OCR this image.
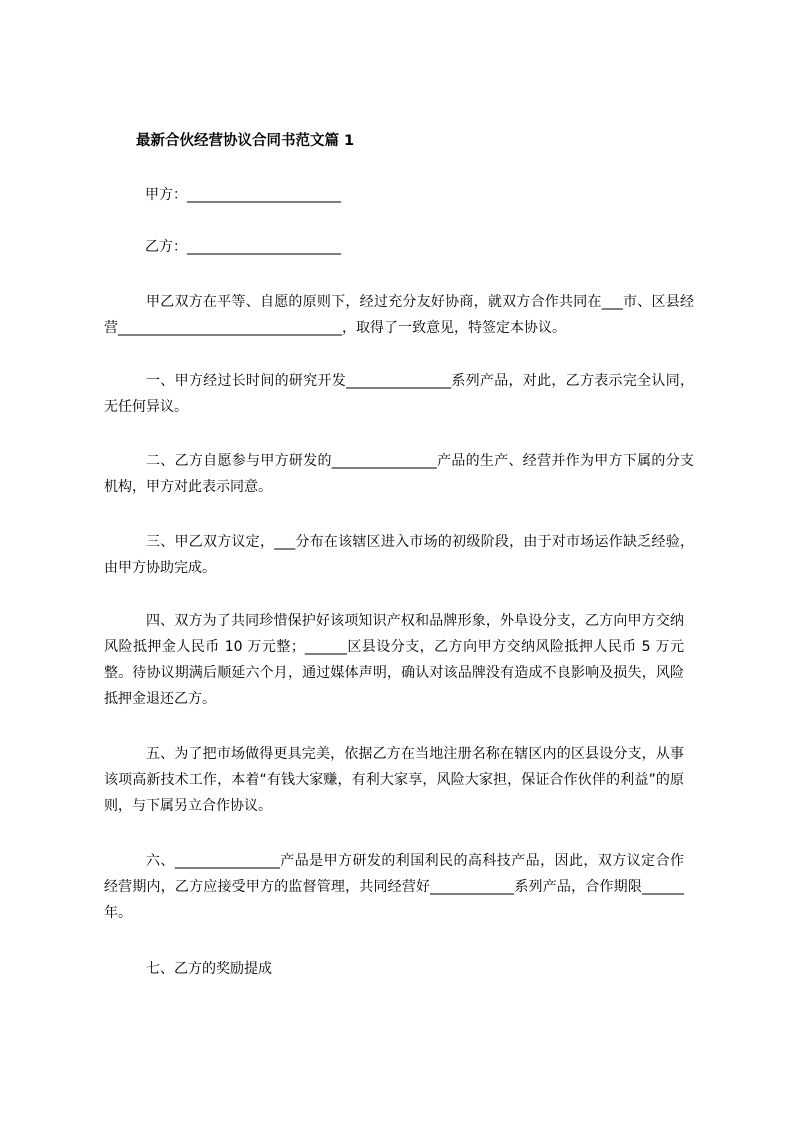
最新合伙经营协议合同书范文篇 1
甲方：______________________
乙方：______________________

甲乙双方在平等、自愿的原则下，经过充分友好协商，就双方合作共同在___市、区县经营________________________________，取得了一致意见，特签定本协议。

一、甲方经过长时间的研究开发_______________系列产品，对此，乙方表示完全认同，无任何异议。

二、乙方自愿参与甲方研发的_______________产品的生产、经营并作为甲方下属的分支机构，甲方对此表示同意。

三、甲乙双方议定，___分布在该辖区进入市场的初级阶段，由于对市场运作缺乏经验，由甲方协助完成。

四、双方为了共同珍惜保护好该项知识产权和品牌形象，外阜设分支，乙方向甲方交纳风险抵押金人民币 10 万元整；______区县设分支，乙方向甲方交纳风险抵押人民币 5 万元整。待协议期满后顺延六个月，通过媒体声明，确认对该品牌没有造成不良影响及损失，风险抵押金退还乙方。

五、为了把市场做得更具完美，依据乙方在当地注册名称在辖区内的区县设分支，从事该项高新技术工作，本着“有钱大家赚，有利大家享，风险大家担，保证合作伙伴的利益”的原则，与下属另立合作协议。

六、_______________产品是甲方研发的利国利民的高科技产品，因此，双方议定合作经营期内，乙方应接受甲方的监督管理，共同经营好____________系列产品，合作期限______年。

七、乙方的奖励提成
